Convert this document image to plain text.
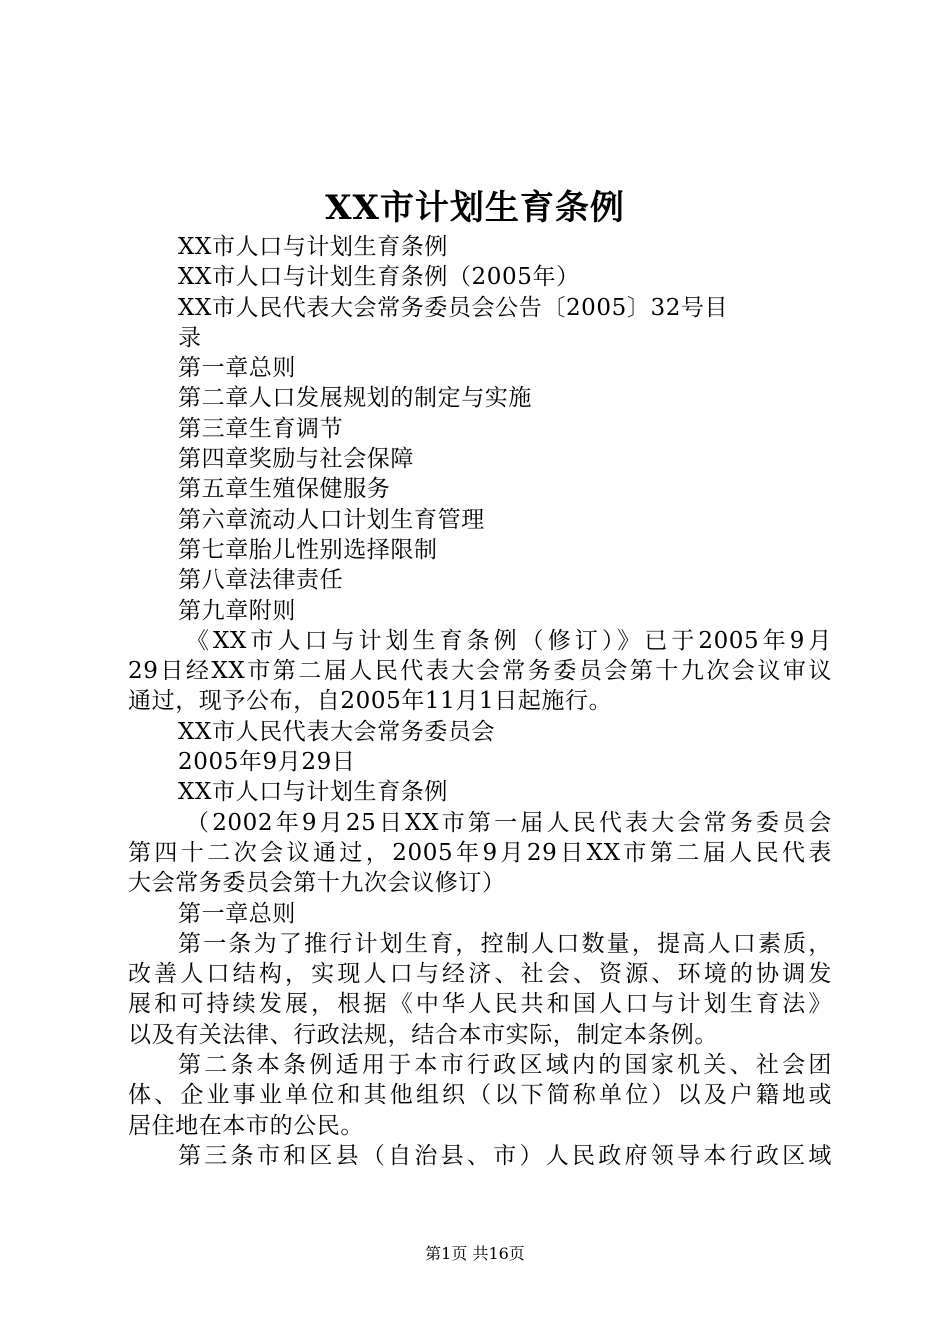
XX市计划生育条例
XX市人口与计划生育条例
XX市人口与计划生育条例（2005年）
XX市人民代表大会常务委员会公告〔2005〕32号目
录
第一章总则
第二章人口发展规划的制定与实施
第三章生育调节
第四章奖励与社会保障
第五章生殖保健服务
第六章流动人口计划生育管理
第七章胎儿性别选择限制
第八章法律责任
第九章附则
《XX市人口与计划生育条例（修订）》已于2005年9月
29日经XX市第二届人民代表大会常务委员会第十九次会议审议
通过，现予公布，自2005年11月1日起施行。
XX市人民代表大会常务委员会
2005年9月29日
XX市人口与计划生育条例
（2002年9月25日XX市第一届人民代表大会常务委员会
第四十二次会议通过，2005年9月29日XX市第二届人民代表
大会常务委员会第十九次会议修订）
第一章总则
第一条为了推行计划生育，控制人口数量，提高人口素质，
改善人口结构，实现人口与经济、社会、资源、环境的协调发
展和可持续发展，根据《中华人民共和国人口与计划生育法》
以及有关法律、行政法规，结合本市实际，制定本条例。
第二条本条例适用于本市行政区域内的国家机关、社会团
体、企业事业单位和其他组织（以下简称单位）以及户籍地或
居住地在本市的公民。
第三条市和区县（自治县、市）人民政府领导本行政区域
第1页 共16页
